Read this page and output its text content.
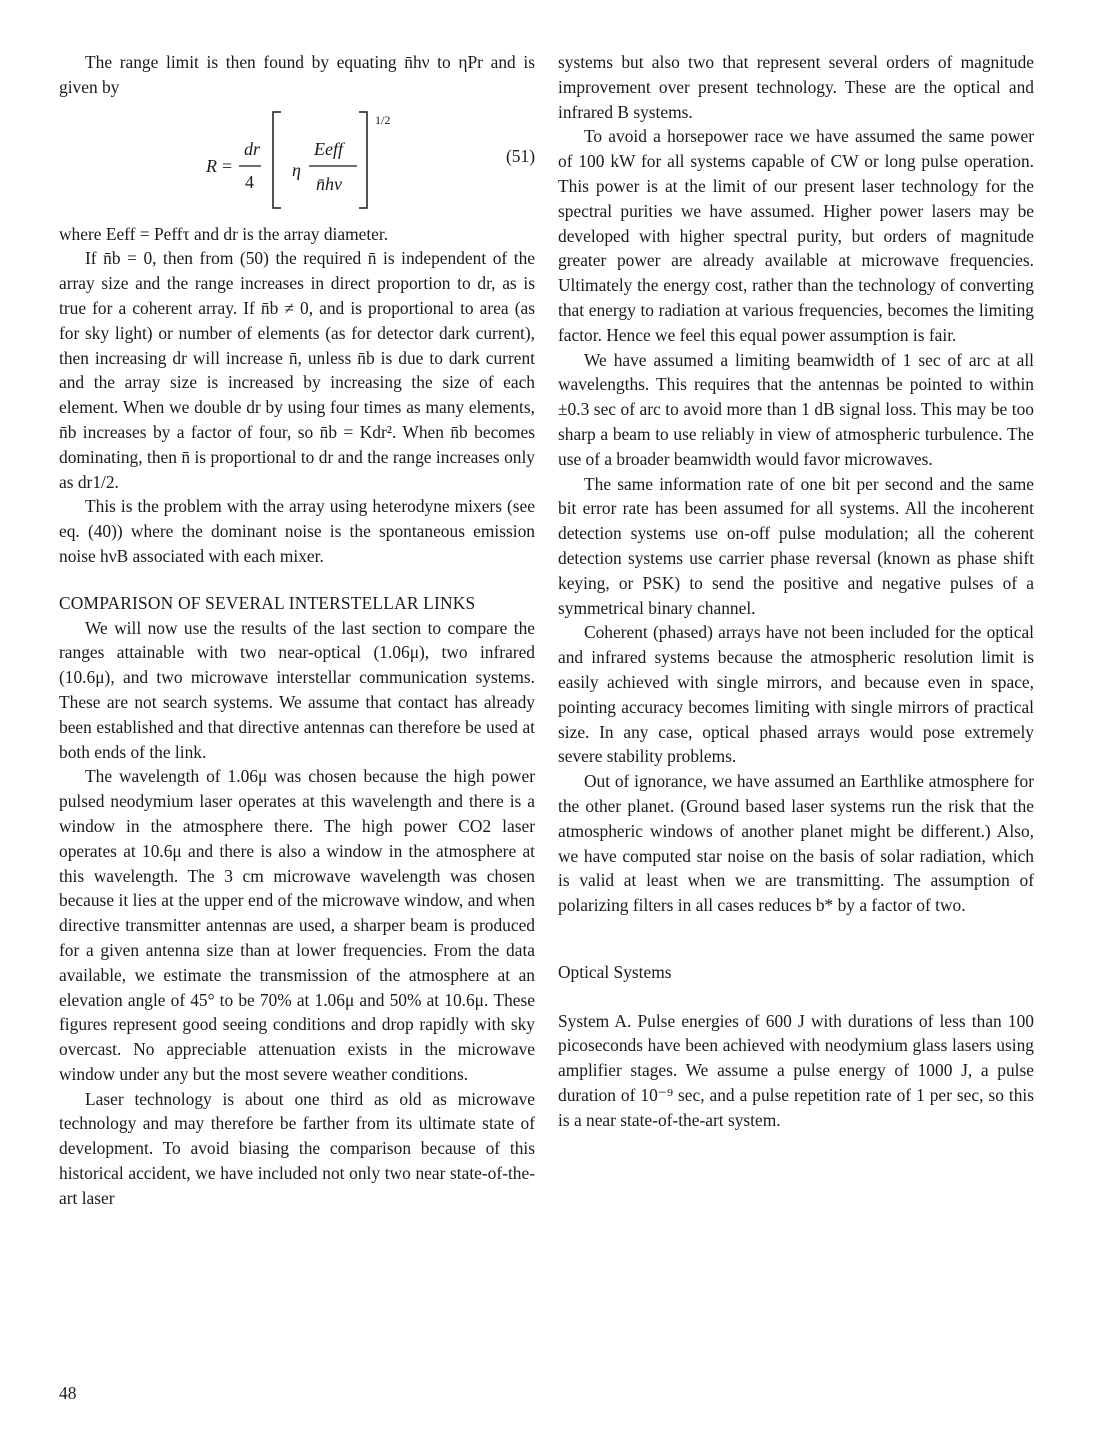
The range limit is then found by equating n̄hν to ηPr and is given by

R =
dr
4
η
Eeff
n̄hν
1/2
(51)

where Eeff = Peffτ and dr is the array diameter.

If n̄b = 0, then from (50) the required n̄ is independent of the array size and the range increases in direct proportion to dr, as is true for a coherent array. If n̄b ≠ 0, and is proportional to area (as for sky light) or number of elements (as for detector dark current), then increasing dr will increase n̄, unless n̄b is due to dark current and the array size is increased by increasing the size of each element. When we double dr by using four times as many elements, n̄b increases by a factor of four, so n̄b = Kdr². When n̄b becomes dominating, then n̄ is proportional to dr and the range increases only as dr1/2.

This is the problem with the array using heterodyne mixers (see eq. (40)) where the dominant noise is the spontaneous emission noise hνB associated with each mixer.

COMPARISON OF SEVERAL INTERSTELLAR LINKS

We will now use the results of the last section to compare the ranges attainable with two near-optical (1.06μ), two infrared (10.6μ), and two microwave interstellar communication systems. These are not search systems. We assume that contact has already been established and that directive antennas can therefore be used at both ends of the link.

The wavelength of 1.06μ was chosen because the high power pulsed neodymium laser operates at this wavelength and there is a window in the atmosphere there. The high power CO2 laser operates at 10.6μ and there is also a window in the atmosphere at this wavelength. The 3 cm microwave wavelength was chosen because it lies at the upper end of the microwave window, and when directive transmitter antennas are used, a sharper beam is produced for a given antenna size than at lower frequencies. From the data available, we estimate the transmission of the atmosphere at an elevation angle of 45° to be 70% at 1.06μ and 50% at 10.6μ. These figures represent good seeing conditions and drop rapidly with sky overcast. No appreciable attenuation exists in the microwave window under any but the most severe weather conditions.

Laser technology is about one third as old as microwave technology and may therefore be farther from its ultimate state of development. To avoid biasing the comparison because of this historical accident, we have included not only two near state-of-the-art laser

systems but also two that represent several orders of magnitude improvement over present technology. These are the optical and infrared B systems.

To avoid a horsepower race we have assumed the same power of 100 kW for all systems capable of CW or long pulse operation. This power is at the limit of our present laser technology for the spectral purities we have assumed. Higher power lasers may be developed with higher spectral purity, but orders of magnitude greater power are already available at microwave frequencies. Ultimately the energy cost, rather than the technology of converting that energy to radiation at various frequencies, becomes the limiting factor. Hence we feel this equal power assumption is fair.

We have assumed a limiting beamwidth of 1 sec of arc at all wavelengths. This requires that the antennas be pointed to within ±0.3 sec of arc to avoid more than 1 dB signal loss. This may be too sharp a beam to use reliably in view of atmospheric turbulence. The use of a broader beamwidth would favor microwaves.

The same information rate of one bit per second and the same bit error rate has been assumed for all systems. All the incoherent detection systems use on-off pulse modulation; all the coherent detection systems use carrier phase reversal (known as phase shift keying, or PSK) to send the positive and negative pulses of a symmetrical binary channel.

Coherent (phased) arrays have not been included for the optical and infrared systems because the atmospheric resolution limit is easily achieved with single mirrors, and because even in space, pointing accuracy becomes limiting with single mirrors of practical size. In any case, optical phased arrays would pose extremely severe stability problems.

Out of ignorance, we have assumed an Earthlike atmosphere for the other planet. (Ground based laser systems run the risk that the atmospheric windows of another planet might be different.) Also, we have computed star noise on the basis of solar radiation, which is valid at least when we are transmitting. The assumption of polarizing filters in all cases reduces b* by a factor of two.

Optical Systems

System A. Pulse energies of 600 J with durations of less than 100 picoseconds have been achieved with neodymium glass lasers using amplifier stages. We assume a pulse energy of 1000 J, a pulse duration of 10⁻⁹ sec, and a pulse repetition rate of 1 per sec, so this is a near state-of-the-art system.

48
